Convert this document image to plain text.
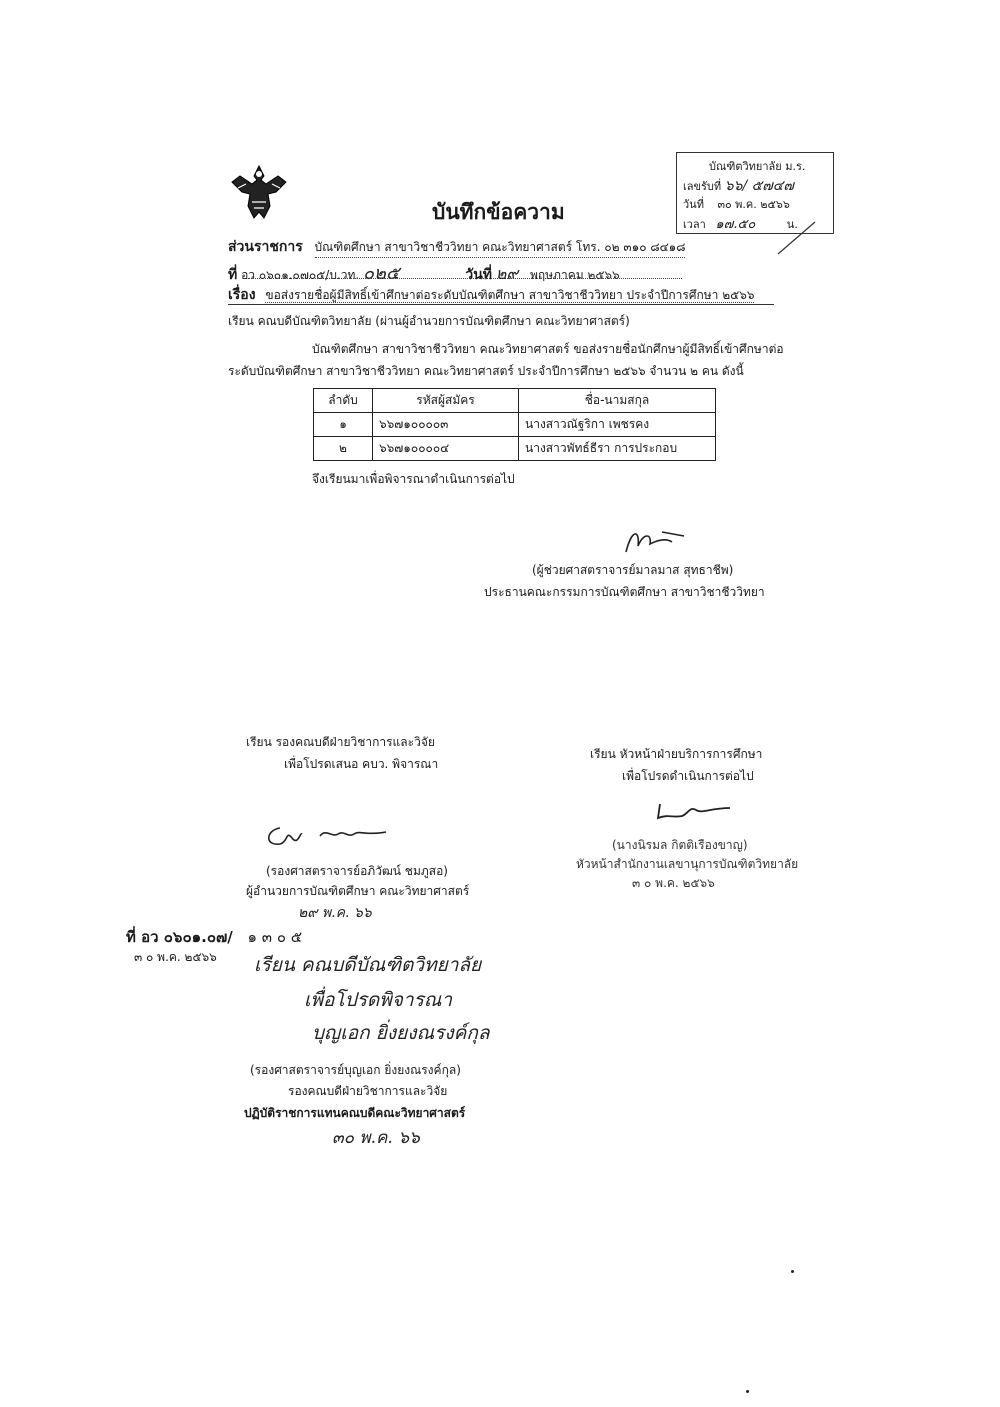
บัณฑิตวิทยาลัย ม.ร.
เลขรับที่ ๖๖/ ๕๗๔๗
วันที่ ๓๐ พ.ค. ๒๕๖๖
เวลา ๑๗.๕๐	น.
บันทึกข้อความ
ส่วนราชการ บัณฑิตศึกษา สาขาวิชาชีววิทยา คณะวิทยาศาสตร์ โทร. ๐๒ ๓๑๐ ๘๔๑๘
ที่ อว ๐๖๐๑.๐๗๐๕/บ.วท. ๐๒๕	วันที่ ๒๙ พฤษภาคม ๒๕๖๖
เรื่อง ขอส่งรายชื่อผู้มีสิทธิ์เข้าศึกษาต่อระดับบัณฑิตศึกษา สาขาวิชาชีววิทยา ประจำปีการศึกษา ๒๕๖๖
เรียน คณบดีบัณฑิตวิทยาลัย (ผ่านผู้อำนวยการบัณฑิตศึกษา คณะวิทยาศาสตร์)
บัณฑิตศึกษา สาขาวิชาชีววิทยา คณะวิทยาศาสตร์ ขอส่งรายชื่อนักศึกษาผู้มีสิทธิ์เข้าศึกษาต่อ
ระดับบัณฑิตศึกษา สาขาวิชาชีววิทยา คณะวิทยาศาสตร์ ประจำปีการศึกษา ๒๕๖๖ จำนวน ๒ คน ดังนี้
ลำดับ	รหัสผู้สมัคร	ชื่อ-นามสกุล
๑	๖๖๗๑๐๐๐๐๓	นางสาวณัฐริกา เพชรคง
๒	๖๖๗๑๐๐๐๐๔	นางสาวพัทธ์ธีรา การประกอบ
จึงเรียนมาเพื่อพิจารณาดำเนินการต่อไป
(ผู้ช่วยศาสตราจารย์มาลมาส สุทธาชีพ)
ประธานคณะกรรมการบัณฑิตศึกษา สาขาวิชาชีววิทยา
เรียน รองคณบดีฝ่ายวิชาการและวิจัย
เพื่อโปรดเสนอ คบว. พิจารณา
(รองศาสตราจารย์อภิวัฒน์ ชมภูสอ)
ผู้อำนวยการบัณฑิตศึกษา คณะวิทยาศาสตร์
๒๙ พ.ค. ๖๖
เรียน หัวหน้าฝ่ายบริการการศึกษา
เพื่อโปรดดำเนินการต่อไป
(นางนิรมล กิตติเรืองขาญ)
หัวหน้าสำนักงานเลขานุการบัณฑิตวิทยาลัย
๓ ๐ พ.ค. ๒๕๖๖
ที่ อว ๐๖๐๑.๐๗/ ๑ ๓ ๐ ๕
๓ ๐ พ.ค. ๒๕๖๖ เรียน คณบดีบัณฑิตวิทยาลัย
เพื่อโปรดพิจารณา
บุญเอก ยิ่งยงณรงค์กุล
(รองศาสตราจารย์บุญเอก ยิ่งยงณรงค์กุล)
รองคณบดีฝ่ายวิชาการและวิจัย
ปฏิบัติราชการแทนคณบดีคณะวิทยาศาสตร์
๓๐ พ.ค. ๖๖
